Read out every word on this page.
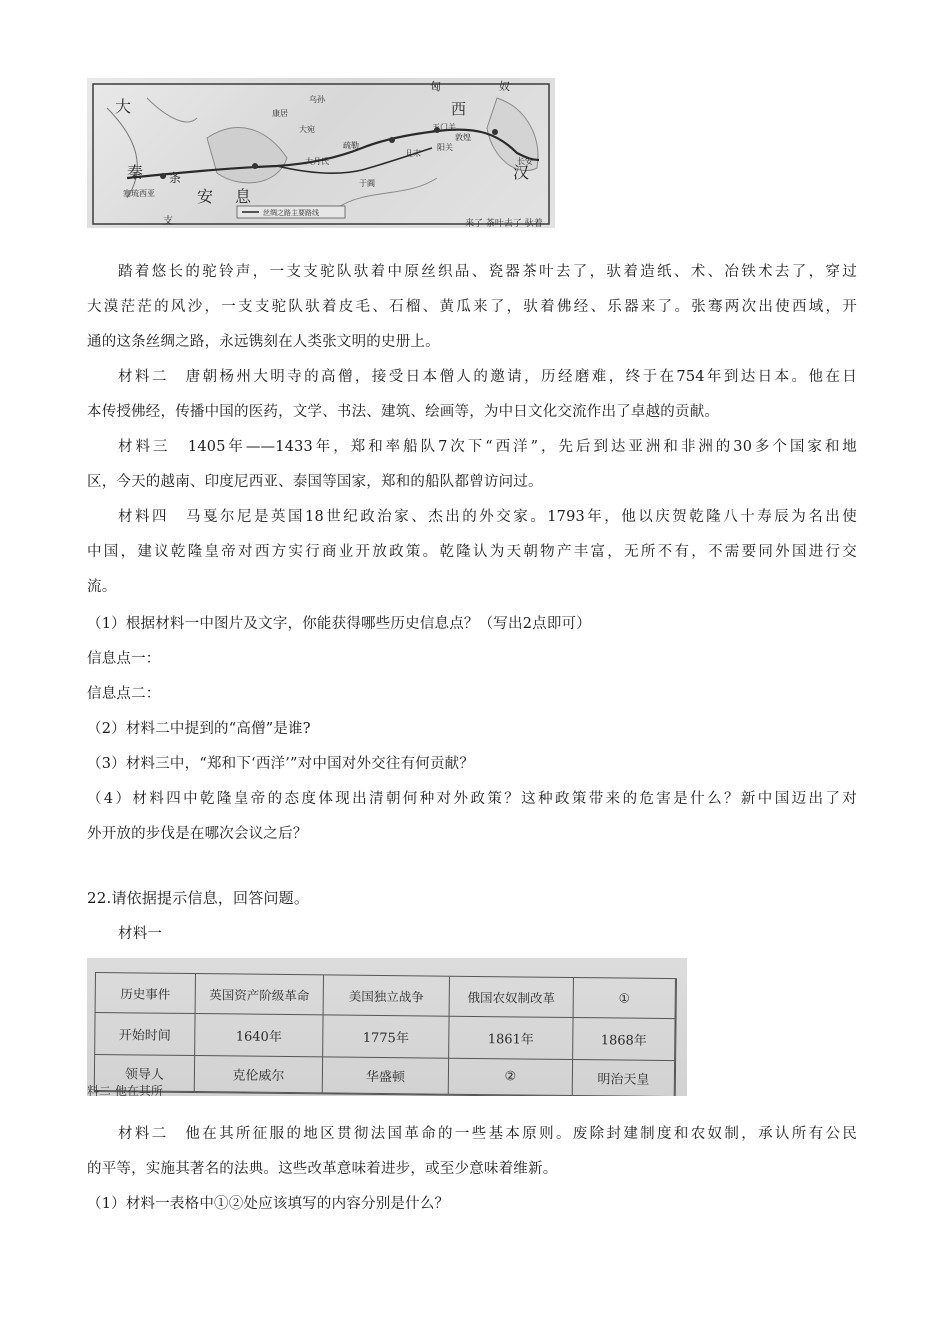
匈	奴
大	康居
乌孙
大宛
疏勒
大月氏
且末
于阗
西
玉门关
敦煌
阳关
汉
长安
秦 条
安 息
支
塞琉西亚
丝绸之路主要路线
来了 茶叶去了 驮着
踏着悠长的驼铃声，一支支驼队驮着中原丝织品、瓷器茶叶去了，驮着造纸、术、冶铁术去了，穿过
大漠茫茫的风沙，一支支驼队驮着皮毛、石榴、黄瓜来了，驮着佛经、乐器来了。张骞两次出使西域，开
通的这条丝绸之路，永远镌刻在人类张文明的史册上。
材料二　唐朝杨州大明寺的高僧，接受日本僧人的邀请，历经磨难，终于在754年到达日本。他在日
本传授佛经，传播中国的医药，文学、书法、建筑、绘画等，为中日文化交流作出了卓越的贡献。
材料三　1405年——1433年，郑和率船队7次下“西洋”，先后到达亚洲和非洲的30多个国家和地
区，今天的越南、印度尼西亚、泰国等国家，郑和的船队都曾访问过。
材料四　马戛尔尼是英国18世纪政治家、杰出的外交家。1793年，他以庆贺乾隆八十寿辰为名出使
中国，建议乾隆皇帝对西方实行商业开放政策。乾隆认为天朝物产丰富，无所不有，不需要同外国进行交
流。
（1）根据材料一中图片及文字，你能获得哪些历史信息点？（写出2点即可）
信息点一：
信息点二：
（2）材料二中提到的“高僧”是谁?
（3）材料三中，“郑和下‘西洋’”对中国对外交往有何贡献？
（4）材料四中乾隆皇帝的态度体现出清朝何种对外政策？这种政策带来的危害是什么？新中国迈出了对
外开放的步伐是在哪次会议之后？
22.请依据提示信息，回答问题。
材料一
历史事件	英国资产阶级革命	美国独立战争	俄国农奴制改革	①
开始时间	1640年	1775年	1861年	1868年
领导人	克伦威尔	华盛顿	②	明治天皇
料二 他在其所
材料二　他在其所征服的地区贯彻法国革命的一些基本原则。废除封建制度和农奴制，承认所有公民
的平等，实施其著名的法典。这些改革意味着进步，或至少意味着维新。
（1）材料一表格中①②处应该填写的内容分别是什么？
